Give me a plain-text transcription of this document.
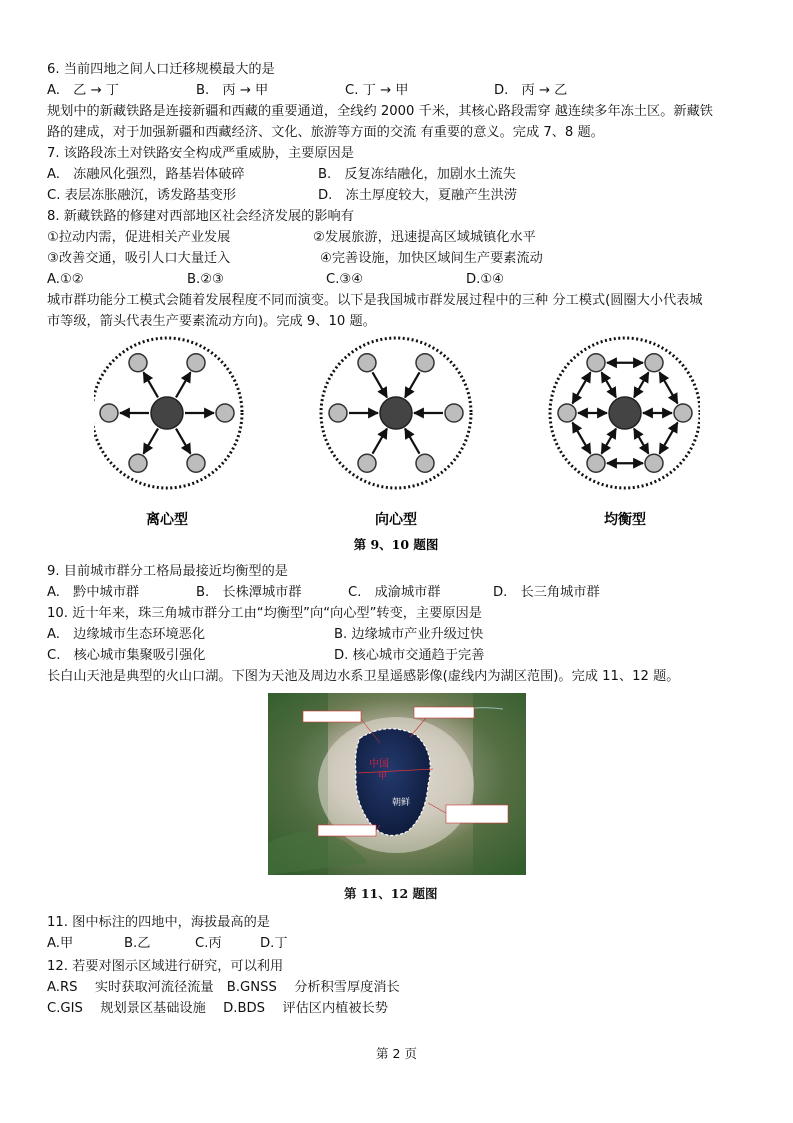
6. 当前四地之间人口迁移规模最大的是
A.　乙 → 丁	B.　丙 → 甲	C. 丁 → 甲	D.　丙 → 乙
规划中的新藏铁路是连接新疆和西藏的重要通道，全线约 2000 千米，其核心路段需穿 越连续多年冻土区。新藏铁
路的建成，对于加强新疆和西藏经济、文化、旅游等方面的交流 有重要的意义。完成 7、8 题。
7. 该路段冻土对铁路安全构成严重威胁，主要原因是
A.　冻融风化强烈，路基岩体破碎	B.　反复冻结融化，加剧水土流失
C. 表层冻胀融沉，诱发路基变形	D.　冻土厚度较大，夏融产生洪涝
8. 新藏铁路的修建对西部地区社会经济发展的影响有
①拉动内需，促进相关产业发展	②发展旅游，迅速提高区域城镇化水平
③改善交通，吸引人口大量迁入	④完善设施，加快区域间生产要素流动
A.①②	B.②③	C.③④	D.①④
城市群功能分工模式会随着发展程度不同而演变。以下是我国城市群发展过程中的三种 分工模式(圆圈大小代表城
市等级，箭头代表生产要素流动方向)。完成 9、10 题。
离心型	向心型	均衡型
第 9、10 题图
9. 目前城市群分工格局最接近均衡型的是
A.　黔中城市群	B.　长株潭城市群	C.　成渝城市群	D.　长三角城市群
10. 近十年来，珠三角城市群分工由“均衡型”向“向心型”转变，主要原因是
A.　边缘城市生态环境恶化	B. 边缘城市产业升级过快
C.　核心城市集聚吸引强化	D. 核心城市交通趋于完善
长白山天池是典型的火山口湖。下图为天池及周边水系卫星遥感影像(虚线内为湖区范围)。完成 11、12 题。
中国
甲
朝鲜
第 11、12 题图
11. 图中标注的四地中，海拔最高的是
A.甲	B.乙	C.丙	D.丁
12. 若要对图示区域进行研究，可以利用
A.RS　 实时获取河流径流量　B.GNSS　 分析积雪厚度消长
C.GIS　 规划景区基础设施　 D.BDS　 评估区内植被长势
第 2 页
